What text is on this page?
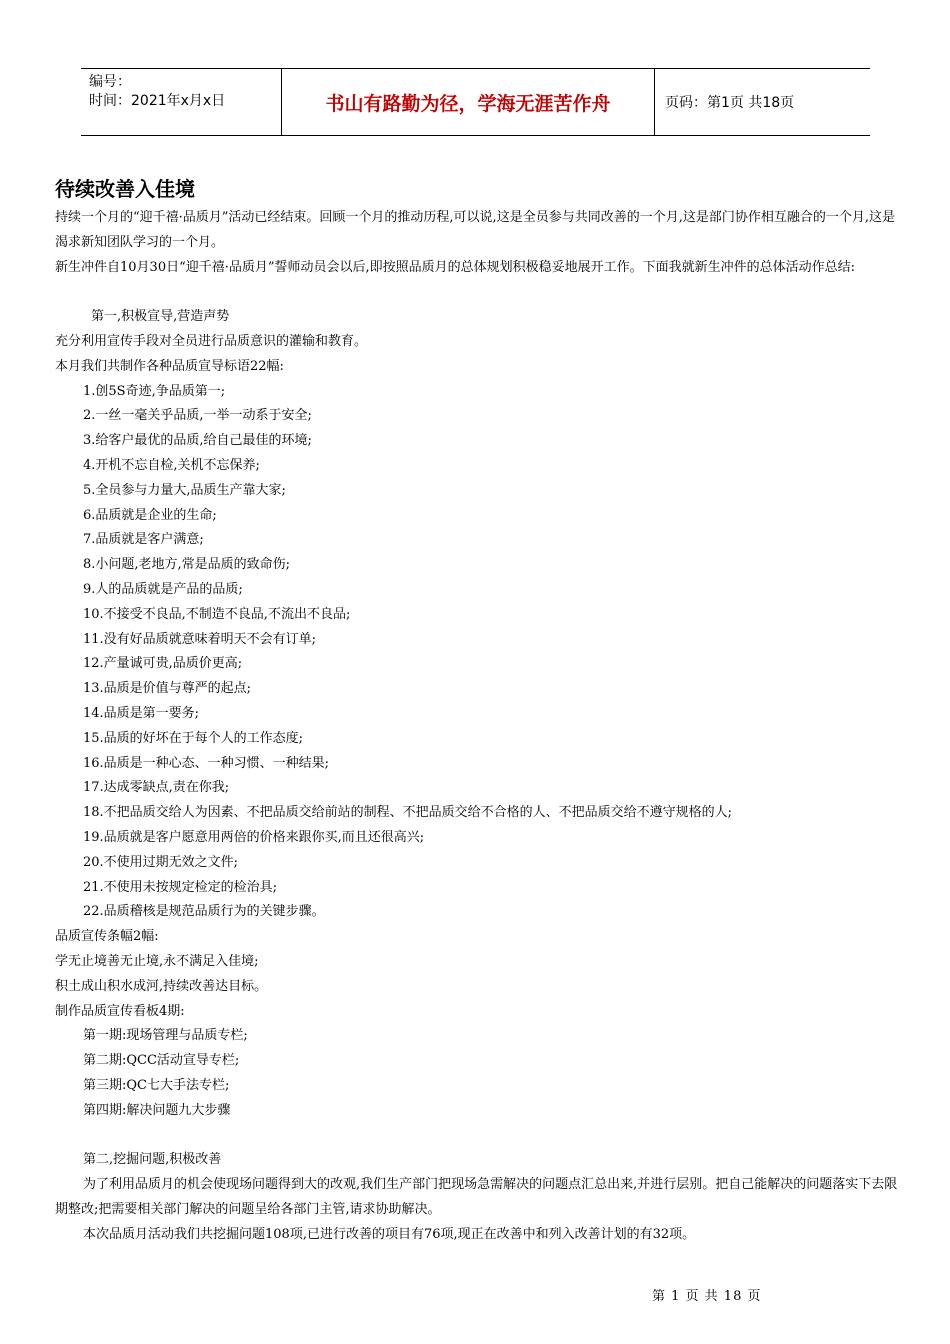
编号：
时间：2021年x月x日	书山有路勤为径，学海无涯苦作舟	页码：第1页 共18页
待续改善入佳境

持续一个月的“迎千禧·品质月”活动已经结束。回顾一个月的推动历程,可以说,这是全员参与共同改善的一个月,这是部门协作相互融合的一个月,这是渴求新知团队学习的一个月。

新生冲件自10月30日“迎千禧·品质月”誓师动员会以后,即按照品质月的总体规划积极稳妥地展开工作。下面我就新生冲件的总体活动作总结:

第一,积极宣导,营造声势

充分利用宣传手段对全员进行品质意识的灌输和教育。

本月我们共制作各种品质宣导标语22幅:

1.创5S奇迹,争品质第一;

2.一丝一毫关乎品质,一举一动系于安全;

3.给客户最优的品质,给自己最佳的环境;

4.开机不忘自检,关机不忘保养;

5.全员参与力量大,品质生产靠大家;

6.品质就是企业的生命;

7.品质就是客户满意;

8.小问题,老地方,常是品质的致命伤;

9.人的品质就是产品的品质;

10.不接受不良品,不制造不良品,不流出不良品;

11.没有好品质就意味着明天不会有订单;

12.产量诚可贵,品质价更高;

13.品质是价值与尊严的起点;

14.品质是第一要务;

15.品质的好坏在于每个人的工作态度;

16.品质是一种心态、一种习惯、一种结果;

17.达成零缺点,责在你我;

18.不把品质交给人为因素、不把品质交给前站的制程、不把品质交给不合格的人、不把品质交给不遵守规格的人;

19.品质就是客户愿意用两倍的价格来跟你买,而且还很高兴;

20.不使用过期无效之文件;

21.不使用未按规定检定的检治具;

22.品质稽核是规范品质行为的关键步骤。

品质宣传条幅2幅:

学无止境善无止境,永不满足入佳境;

积土成山积水成河,持续改善达目标。

制作品质宣传看板4期:

第一期:现场管理与品质专栏;

第二期:QCC活动宣导专栏;

第三期:QC七大手法专栏;

第四期:解决问题九大步骤

第二,挖掘问题,积极改善

为了利用品质月的机会使现场问题得到大的改观,我们生产部门把现场急需解决的问题点汇总出来,并进行层别。把自己能解决的问题落实下去限期整改;把需要相关部门解决的问题呈给各部门主管,请求协助解决。

本次品质月活动我们共挖掘问题108项,已进行改善的项目有76项,现正在改善中和列入改善计划的有32项。

第 1 页 共 18 页
